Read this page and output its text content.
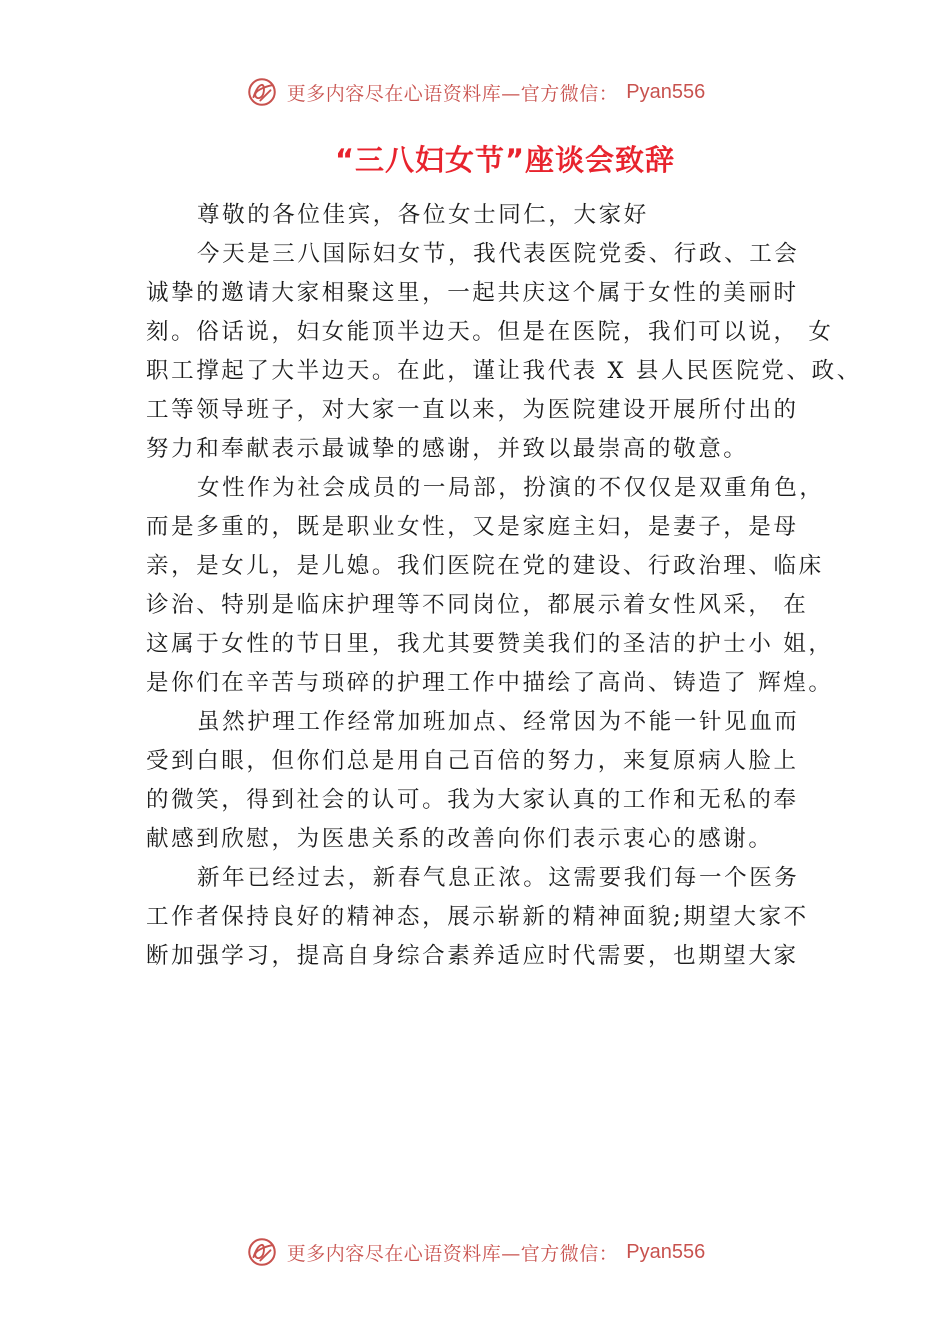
更多内容尽在心语资料库—官方微信： Pyan556
“三八妇女节”座谈会致辞
尊敬的各位佳宾，各位女士同仁，大家好
今天是三八国际妇女节，我代表医院党委、行政、工会
诚挚的邀请大家相聚这里，一起共庆这个属于女性的美丽时
刻。俗话说，妇女能顶半边天。但是在医院，我们可以说， 女
职工撑起了大半边天。在此，谨让我代表 X 县人民医院党、政、
工等领导班子，对大家一直以来，为医院建设开展所付出的
努力和奉献表示最诚挚的感谢，并致以最崇高的敬意。
女性作为社会成员的一局部，扮演的不仅仅是双重角色，
而是多重的，既是职业女性，又是家庭主妇，是妻子，是母
亲，是女儿，是儿媳。我们医院在党的建设、行政治理、临床
诊治、特别是临床护理等不同岗位，都展示着女性风采， 在
这属于女性的节日里，我尤其要赞美我们的圣洁的护士小 姐，
是你们在辛苦与琐碎的护理工作中描绘了高尚、铸造了 辉煌。
虽然护理工作经常加班加点、经常因为不能一针见血而
受到白眼，但你们总是用自己百倍的努力，来复原病人脸上
的微笑，得到社会的认可。我为大家认真的工作和无私的奉
献感到欣慰，为医患关系的改善向你们表示衷心的感谢。
新年已经过去，新春气息正浓。这需要我们每一个医务
工作者保持良好的精神态，展示崭新的精神面貌;期望大家不
断加强学习，提高自身综合素养适应时代需要，也期望大家
更多内容尽在心语资料库—官方微信： Pyan556
